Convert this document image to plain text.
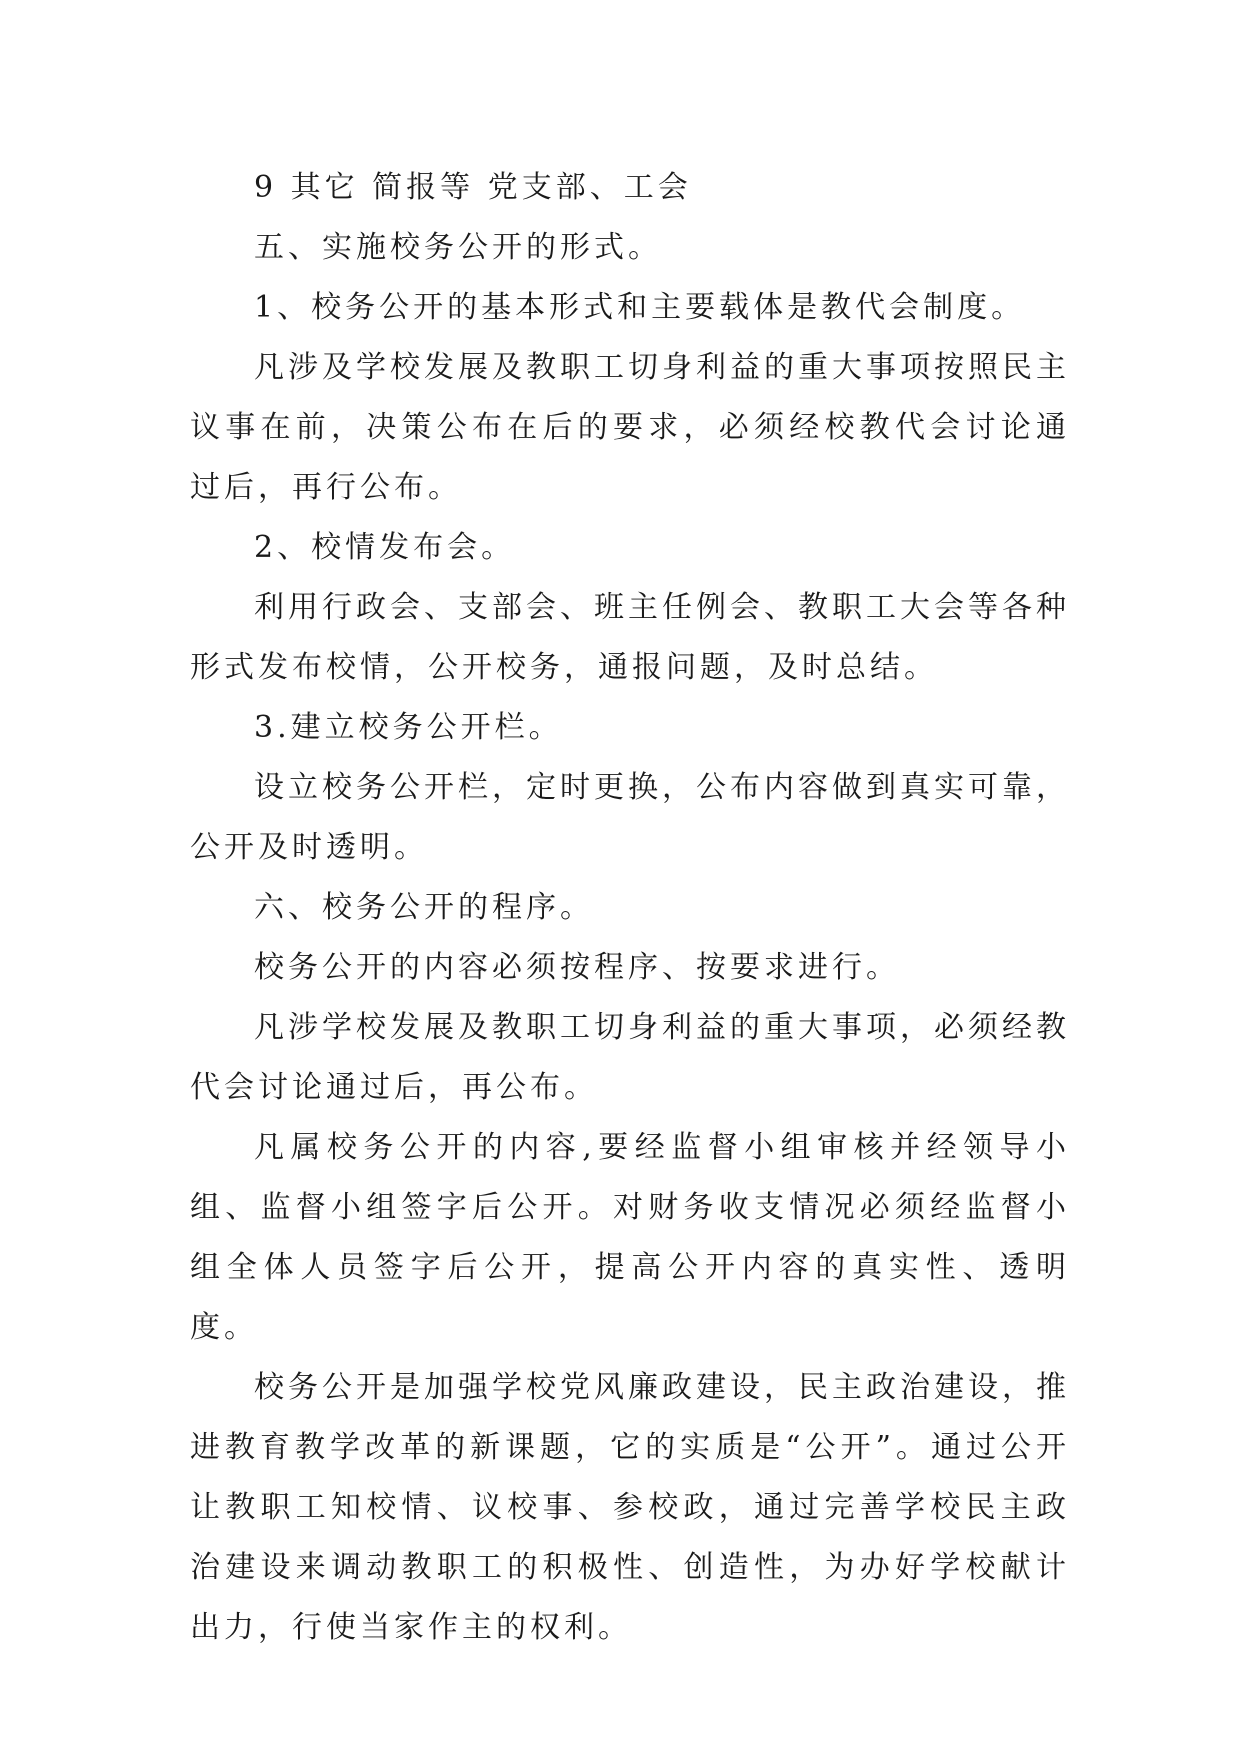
9 其它 简报等 党支部、工会

五、实施校务公开的形式。

1、校务公开的基本形式和主要载体是教代会制度。

凡涉及学校发展及教职工切身利益的重大事项按照民主议事在前，决策公布在后的要求，必须经校教代会讨论通过后，再行公布。

2、校情发布会。

利用行政会、支部会、班主任例会、教职工大会等各种形式发布校情，公开校务，通报问题，及时总结。

3.建立校务公开栏。

设立校务公开栏，定时更换，公布内容做到真实可靠，公开及时透明。

六、校务公开的程序。

校务公开的内容必须按程序、按要求进行。

凡涉学校发展及教职工切身利益的重大事项，必须经教代会讨论通过后，再公布。

凡属校务公开的内容,要经监督小组审核并经领导小组、监督小组签字后公开。对财务收支情况必须经监督小组全体人员签字后公开，提高公开内容的真实性、透明度。

校务公开是加强学校党风廉政建设，民主政治建设，推进教育教学改革的新课题，它的实质是“公开”。通过公开让教职工知校情、议校事、参校政，通过完善学校民主政治建设来调动教职工的积极性、创造性，为办好学校献计出力，行使当家作主的权利。
